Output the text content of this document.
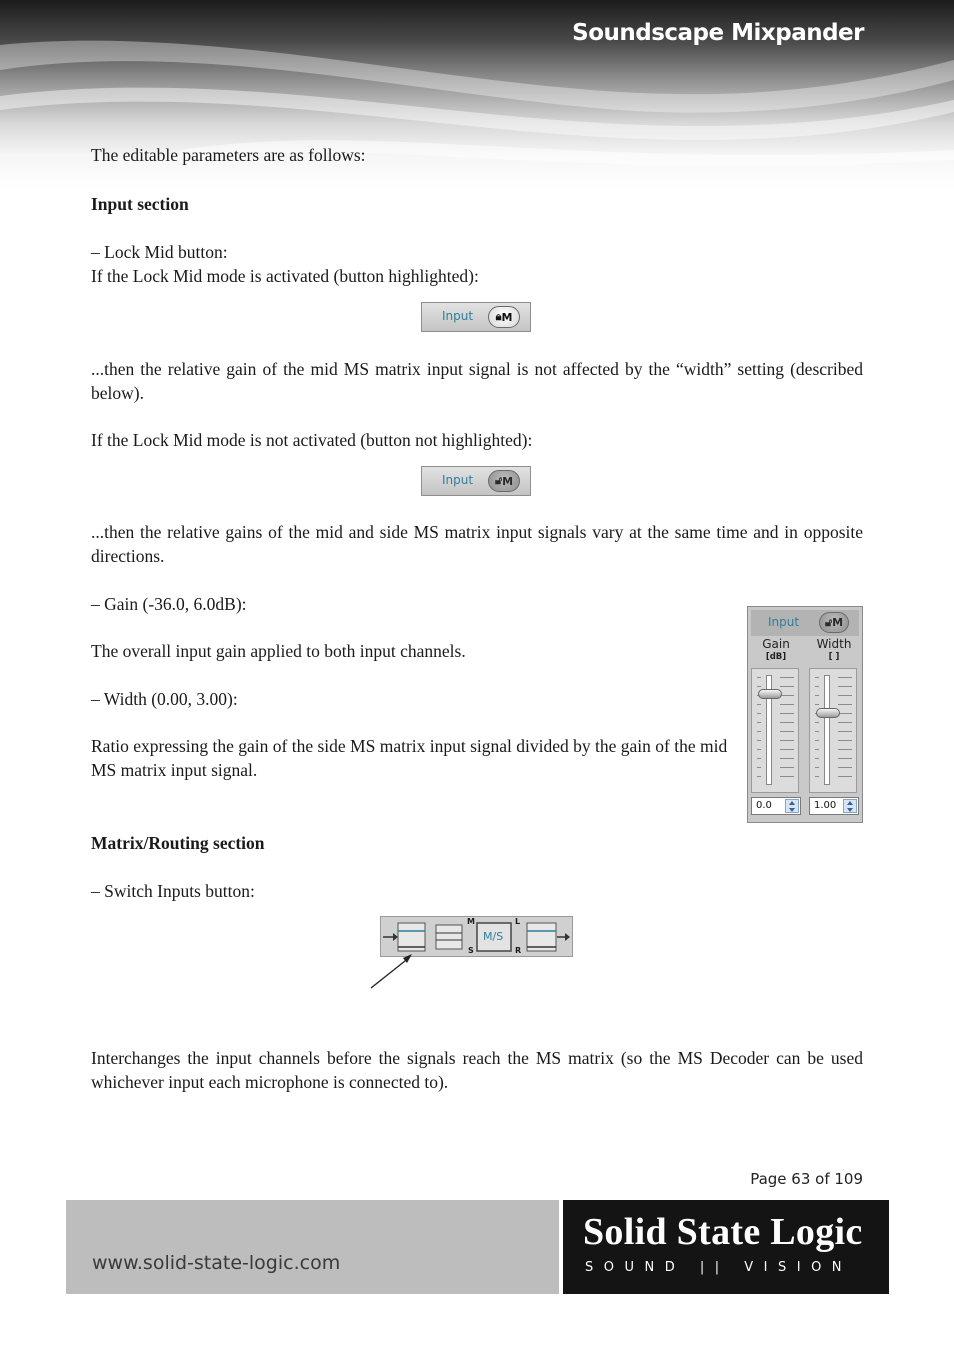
Soundscape Mixpander

The editable parameters are as follows:

Input section

– Lock Mid button:

If the Lock Mid mode is activated (button highlighted):

Input 🔒︎ M

...then the relative gain of the mid MS matrix input signal is not affected by the “width” setting (described below).

If the Lock Mid mode is not activated (button not highlighted):

Input 🔓︎ M

...then the relative gains of the mid and side MS matrix input signals vary at the same time and in opposite directions.

– Gain (-36.0, 6.0dB):

The overall input gain applied to both input channels.

– Width (0.00, 3.00):

Ratio expressing the gain of the side MS matrix input signal divided by the gain of the mid MS matrix input signal.

Input 🔓︎ M
Gain
[dB]
Width
[ ]
0.0	1.00

Matrix/Routing section

– Switch Inputs button:

M/S
M
S
L
R

Interchanges the input channels before the signals reach the MS matrix (so the MS Decoder can be used whichever input each microphone is connected to).

Page 63 of 109
www.solid-state-logic.com
Solid State Logic
SOUND || VISION
